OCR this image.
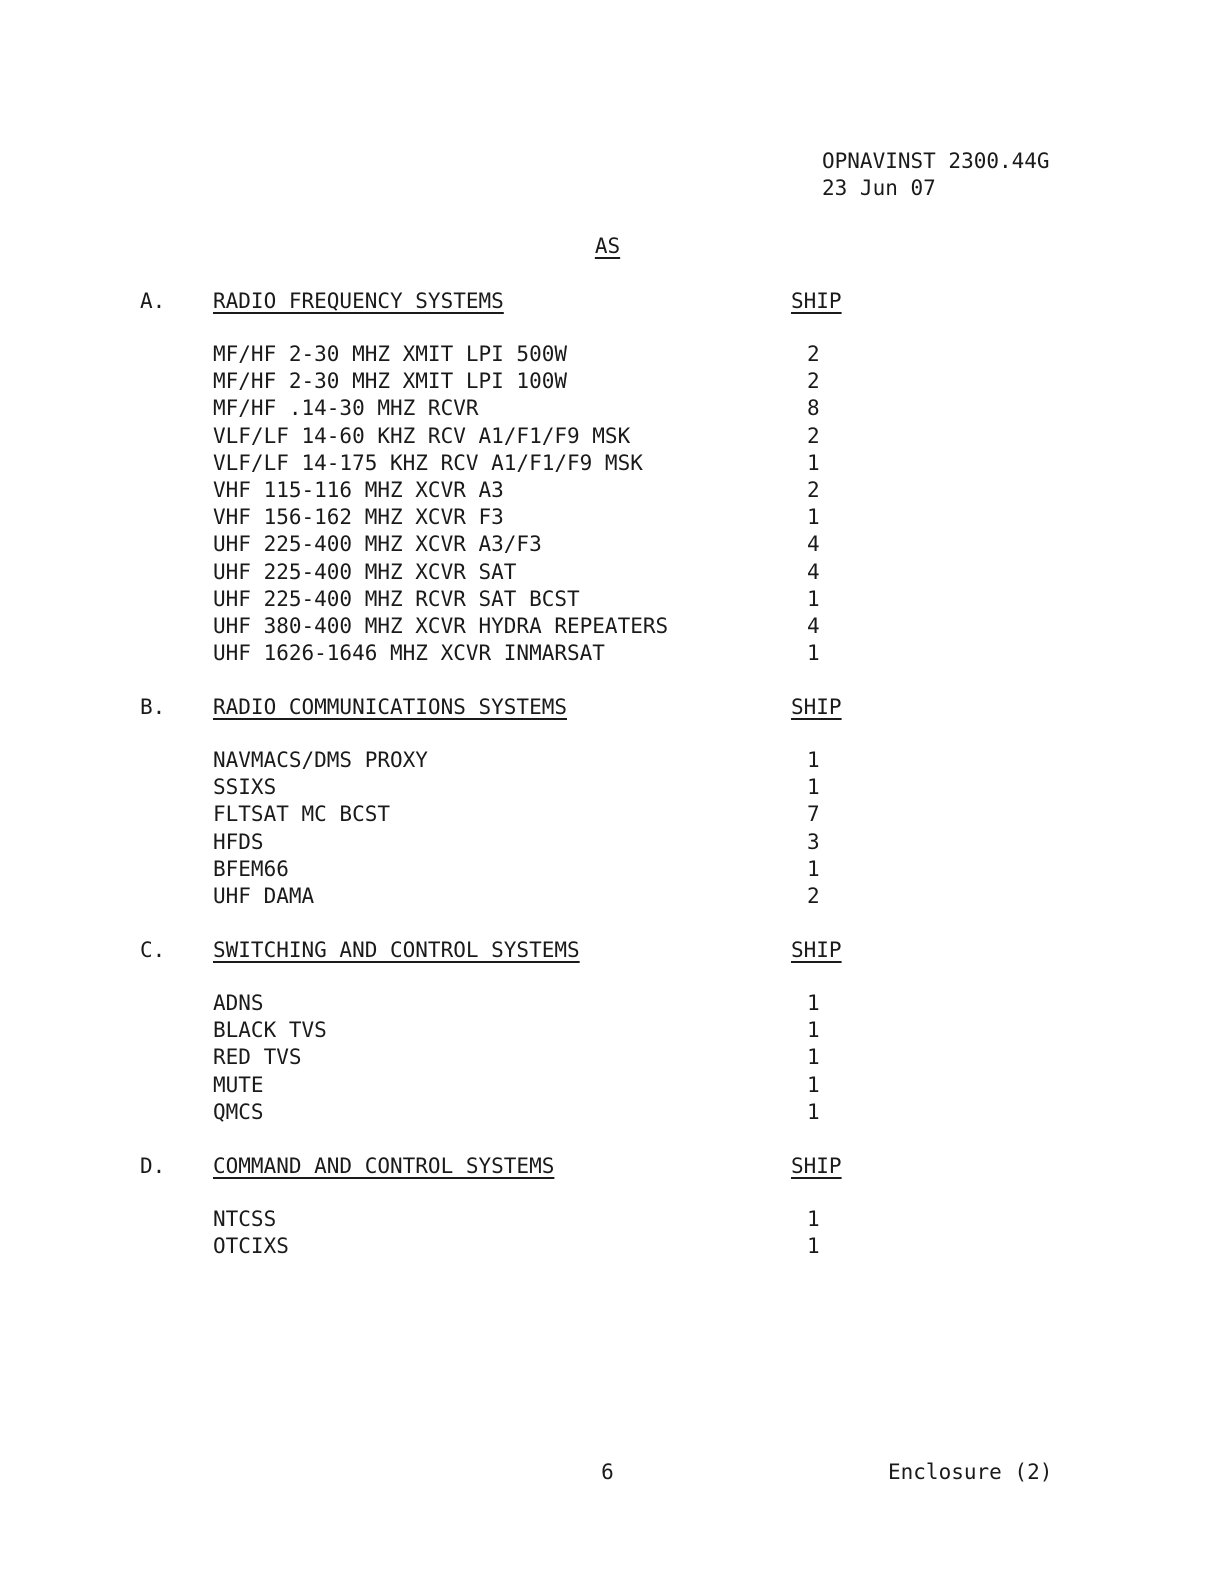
OPNAVINST 2300.44G
23 Jun 07
AS
A. RADIO FREQUENCY SYSTEMS	SHIP
MF/HF 2-30 MHZ XMIT LPI 500W	2
MF/HF 2-30 MHZ XMIT LPI 100W	2
MF/HF .14-30 MHZ RCVR	8
VLF/LF 14-60 KHZ RCV A1/F1/F9 MSK	2
VLF/LF 14-175 KHZ RCV A1/F1/F9 MSK	1
VHF 115-116 MHZ XCVR A3	2
VHF 156-162 MHZ XCVR F3	1
UHF 225-400 MHZ XCVR A3/F3	4
UHF 225-400 MHZ XCVR SAT	4
UHF 225-400 MHZ RCVR SAT BCST	1
UHF 380-400 MHZ XCVR HYDRA REPEATERS	4
UHF 1626-1646 MHZ XCVR INMARSAT	1
B. RADIO COMMUNICATIONS SYSTEMS	SHIP
NAVMACS/DMS PROXY	1
SSIXS	1
FLTSAT MC BCST	7
HFDS	3
BFEM66	1
UHF DAMA	2
C. SWITCHING AND CONTROL SYSTEMS	SHIP
ADNS	1
BLACK TVS	1
RED TVS	1
MUTE	1
QMCS	1
D. COMMAND AND CONTROL SYSTEMS	SHIP
NTCSS	1
OTCIXS	1
6	Enclosure (2)
